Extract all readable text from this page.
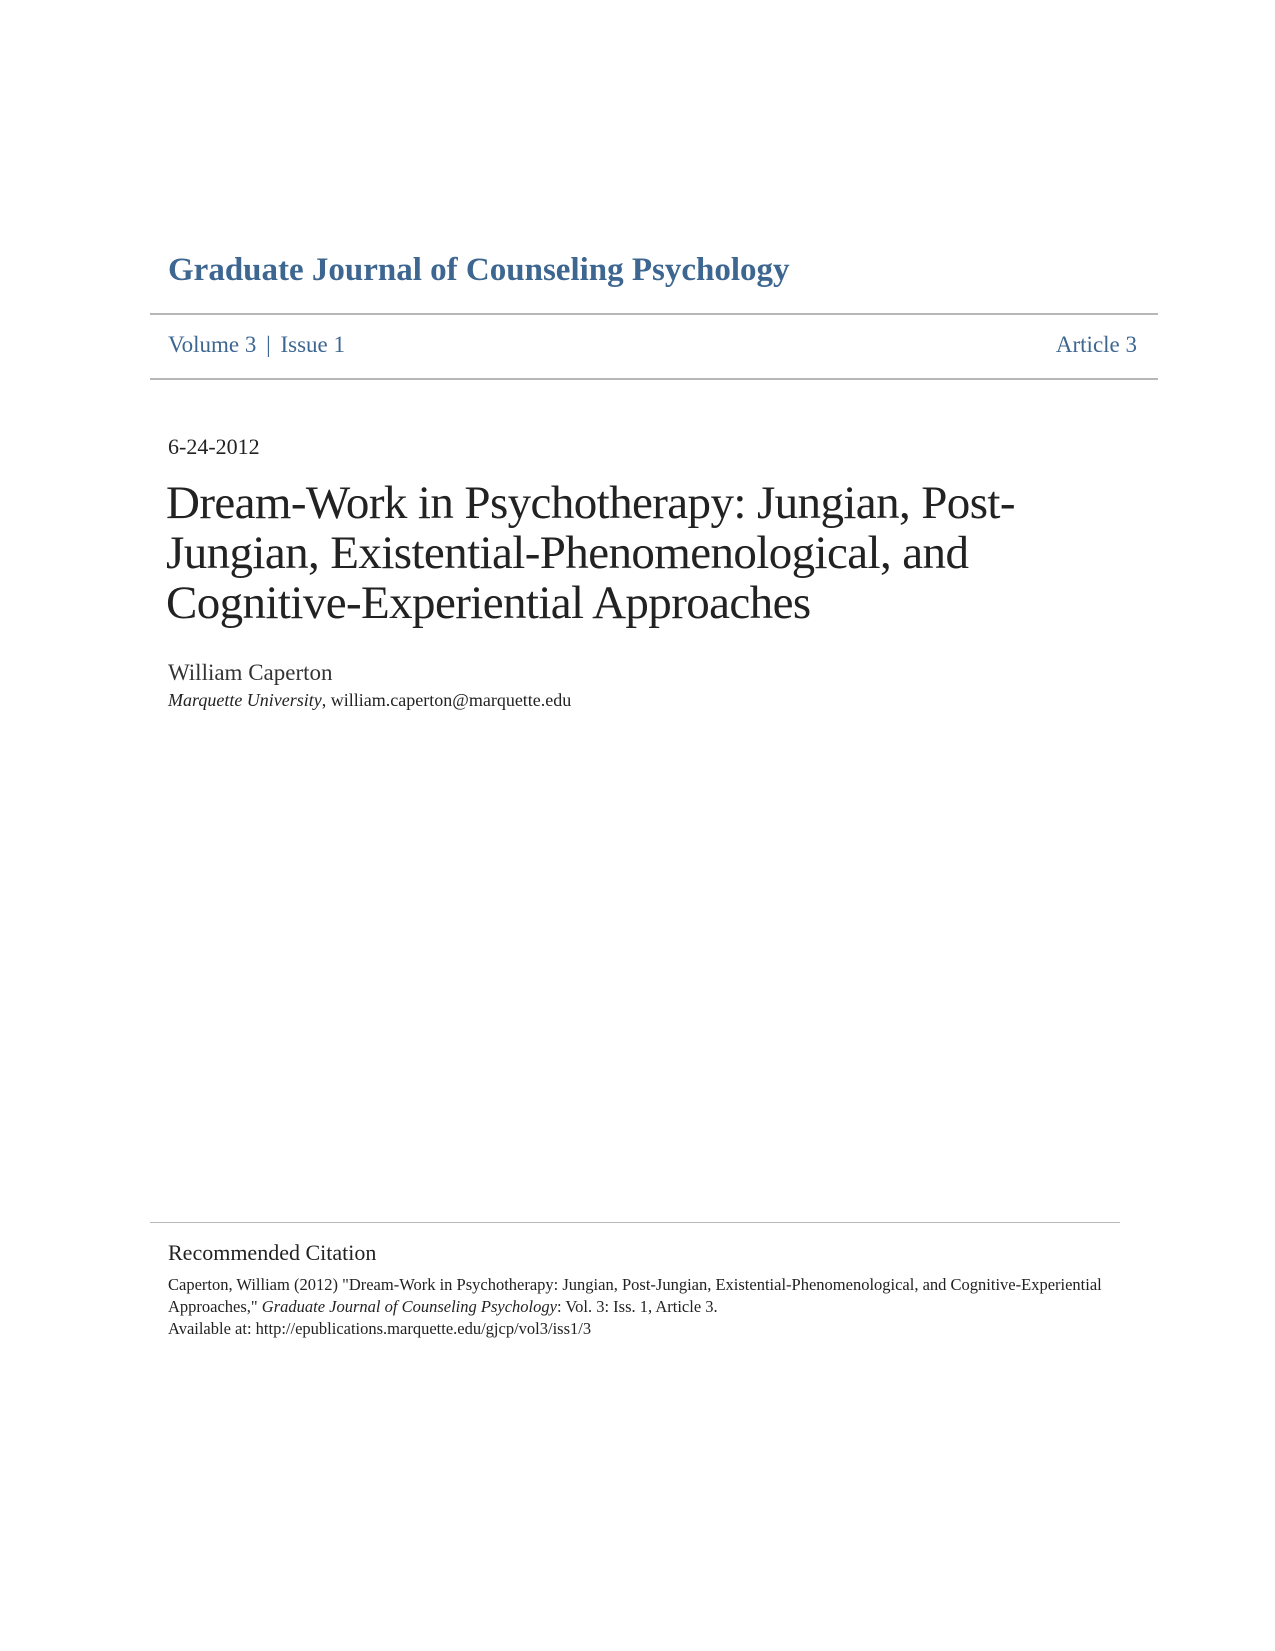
Graduate Journal of Counseling Psychology
Volume 3 | Issue 1	Article 3
6-24-2012
Dream-Work in Psychotherapy: Jungian, Post-Jungian, Existential-Phenomenological, and Cognitive-Experiential Approaches
William Caperton
Marquette University, william.caperton@marquette.edu
Recommended Citation
Caperton, William (2012) "Dream-Work in Psychotherapy: Jungian, Post-Jungian, Existential-Phenomenological, and Cognitive-Experiential Approaches," Graduate Journal of Counseling Psychology: Vol. 3: Iss. 1, Article 3.
Available at: http://epublications.marquette.edu/gjcp/vol3/iss1/3
